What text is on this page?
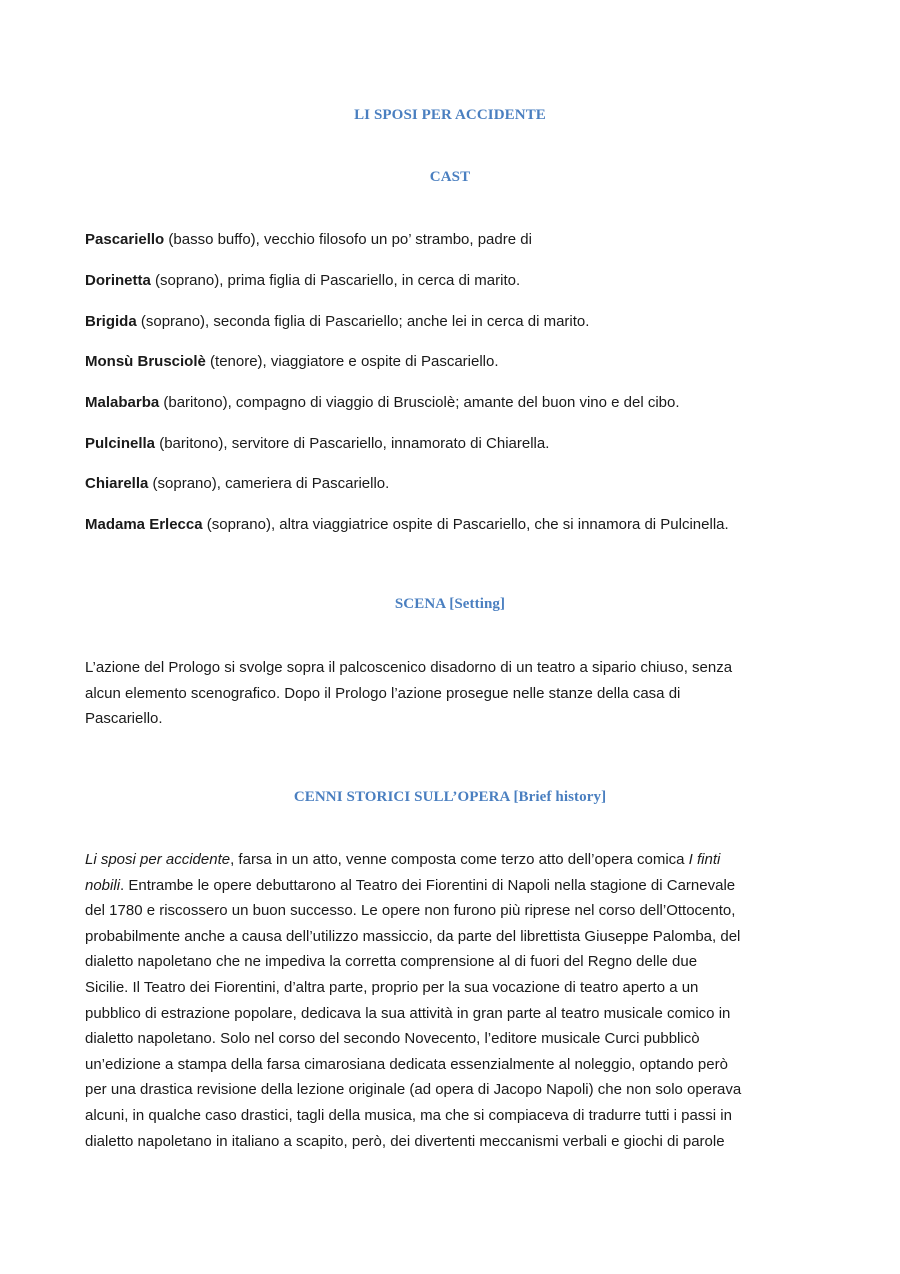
LI SPOSI PER ACCIDENTE
CAST
Pascariello (basso buffo), vecchio filosofo un po’ strambo, padre di
Dorinetta (soprano), prima figlia di Pascariello, in cerca di marito.
Brigida (soprano), seconda figlia di Pascariello; anche lei in cerca di marito.
Monsù Brusciolè (tenore), viaggiatore e ospite di Pascariello.
Malabarba (baritono), compagno di viaggio di Brusciolè; amante del buon vino e del cibo.
Pulcinella (baritono), servitore di Pascariello, innamorato di Chiarella.
Chiarella (soprano), cameriera di Pascariello.
Madama Erlecca (soprano), altra viaggiatrice ospite di Pascariello, che si innamora di Pulcinella.
SCENA [Setting]
L’azione del Prologo si svolge sopra il palcoscenico disadorno di un teatro a sipario chiuso, senza
alcun elemento scenografico. Dopo il Prologo l’azione prosegue nelle stanze della casa di
Pascariello.
CENNI STORICI SULL’OPERA [Brief history]
Li sposi per accidente, farsa in un atto, venne composta come terzo atto dell’opera comica I finti
nobili. Entrambe le opere debuttarono al Teatro dei Fiorentini di Napoli nella stagione di Carnevale
del 1780 e riscossero un buon successo. Le opere non furono più riprese nel corso dell’Ottocento,
probabilmente anche a causa dell’utilizzo massiccio, da parte del librettista Giuseppe Palomba, del
dialetto napoletano che ne impediva la corretta comprensione al di fuori del Regno delle due
Sicilie. Il Teatro dei Fiorentini, d’altra parte, proprio per la sua vocazione di teatro aperto a un
pubblico di estrazione popolare, dedicava la sua attività in gran parte al teatro musicale comico in
dialetto napoletano. Solo nel corso del secondo Novecento, l’editore musicale Curci pubblicò
un’edizione a stampa della farsa cimarosiana dedicata essenzialmente al noleggio, optando però
per una drastica revisione della lezione originale (ad opera di Jacopo Napoli) che non solo operava
alcuni, in qualche caso drastici, tagli della musica, ma che si compiaceva di tradurre tutti i passi in
dialetto napoletano in italiano a scapito, però, dei divertenti meccanismi verbali e giochi di parole
